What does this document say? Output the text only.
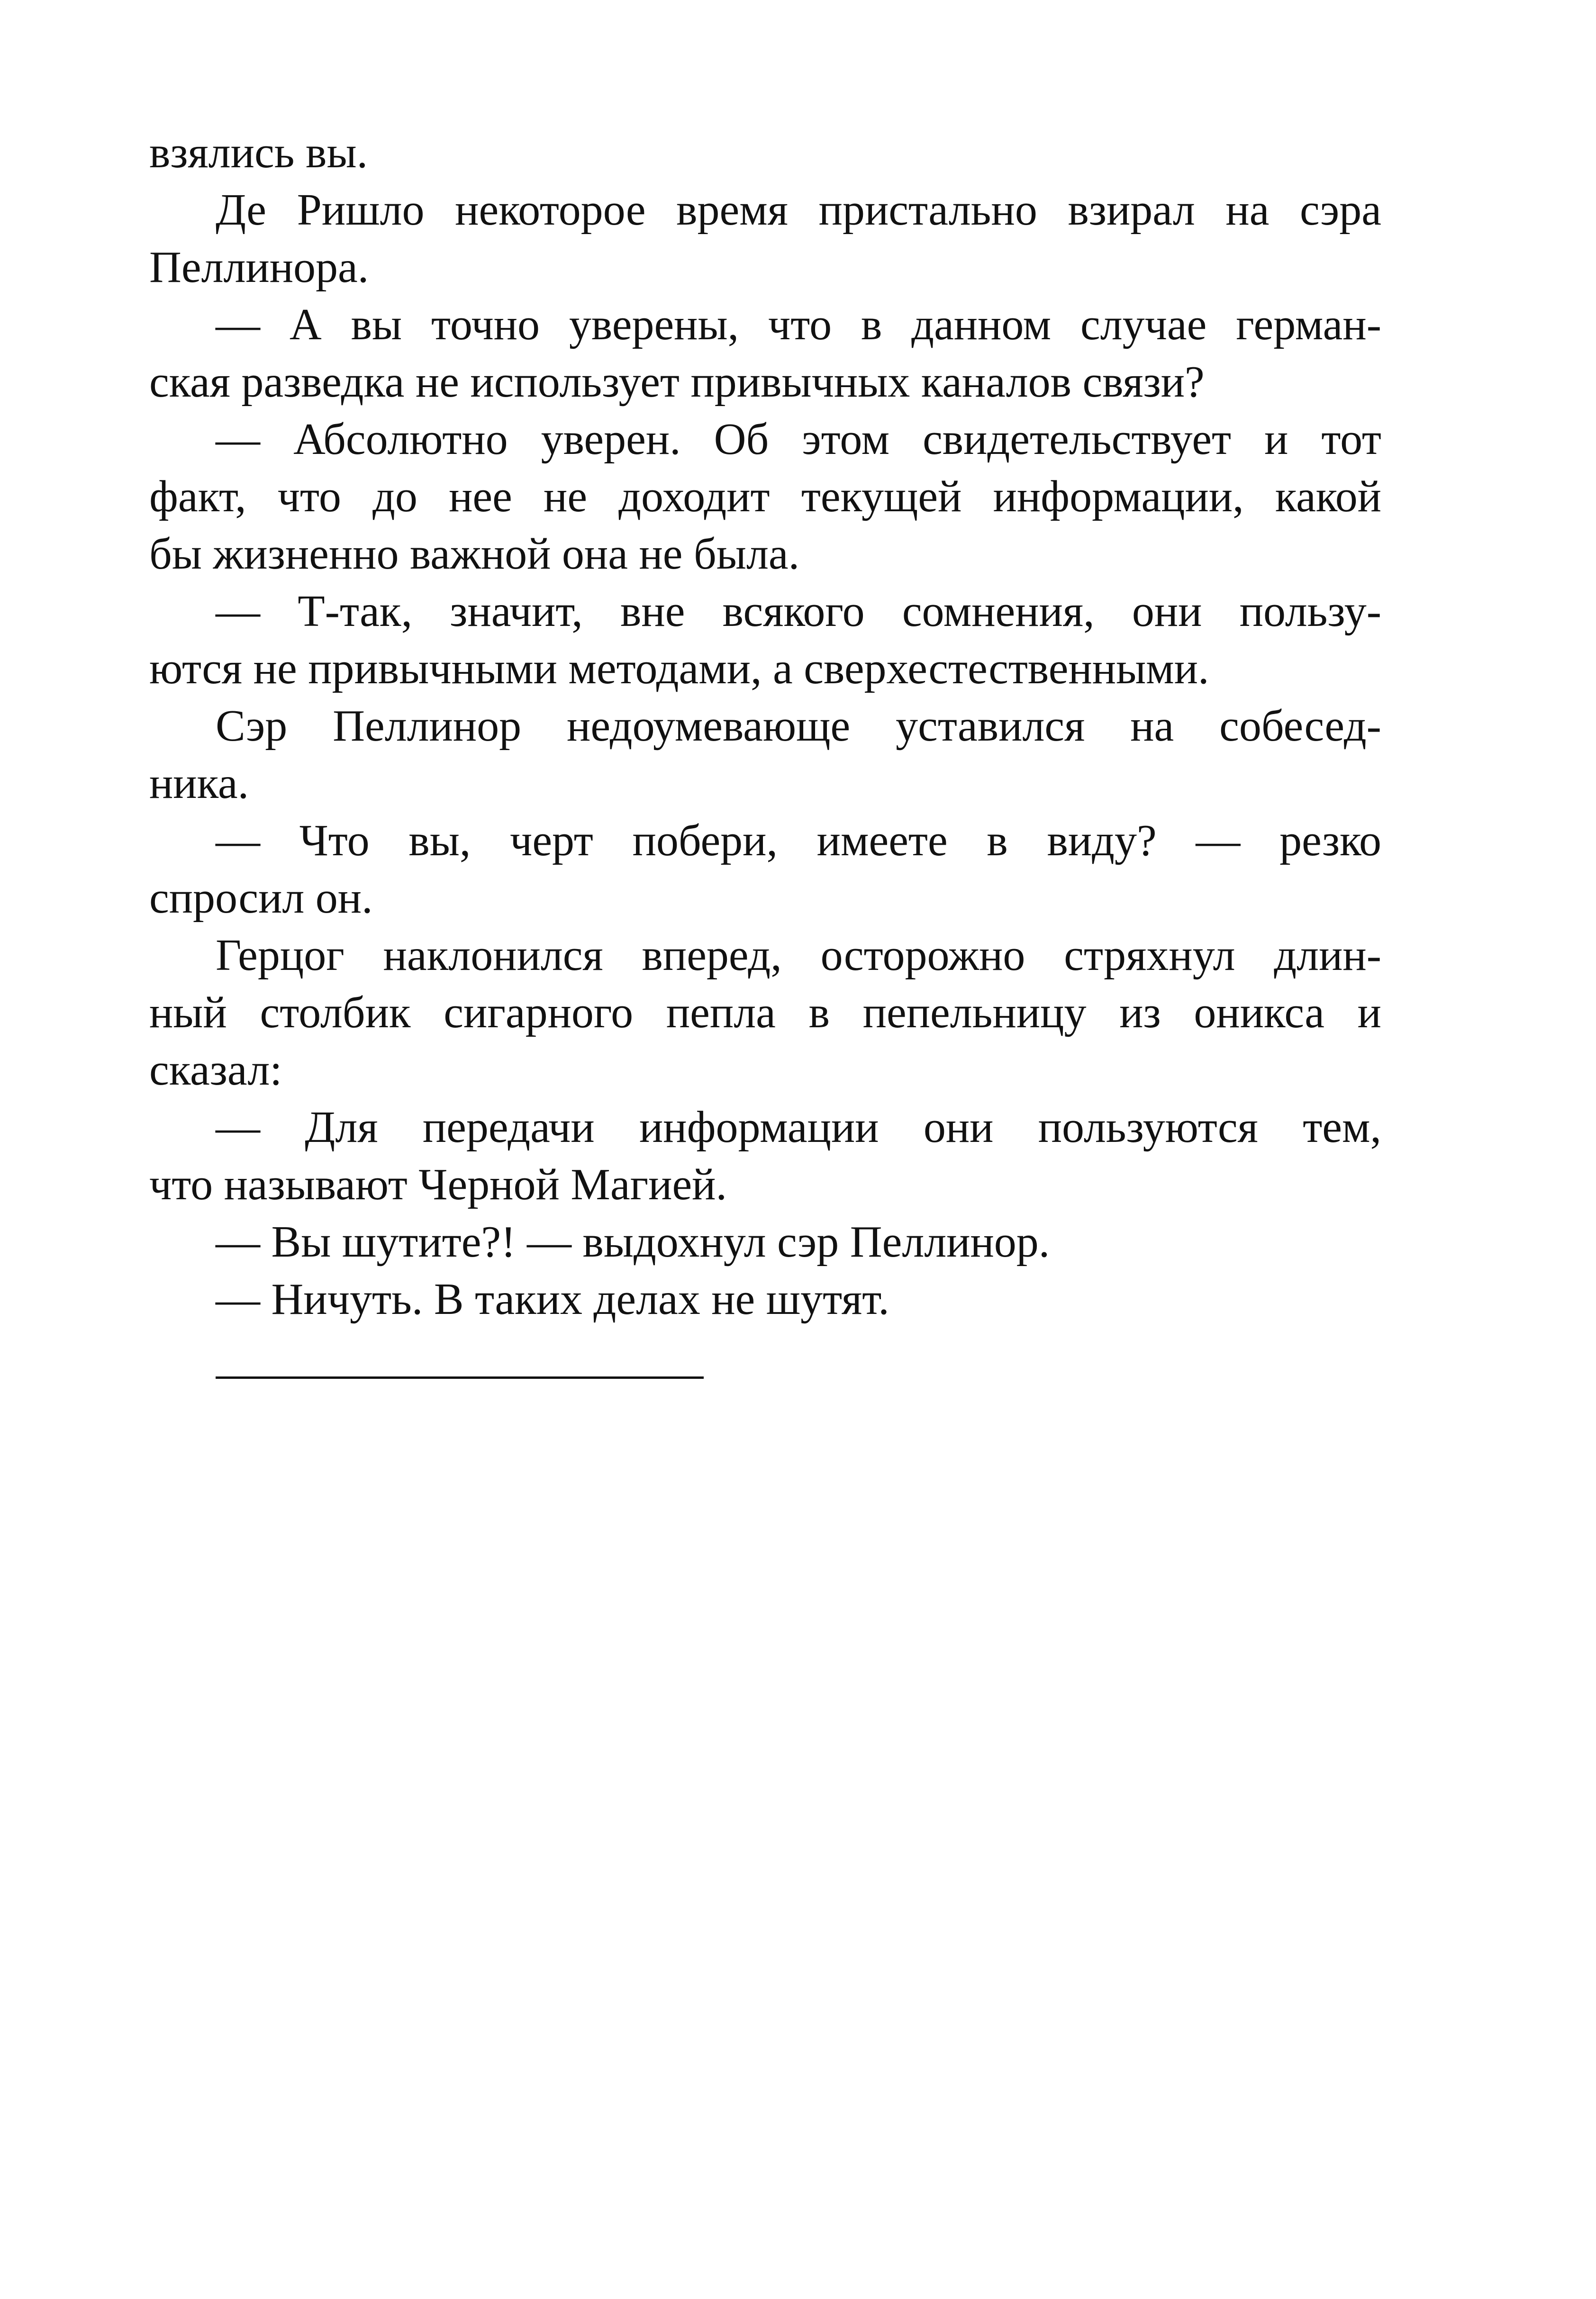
взялись вы.
Де Ришло некоторое время пристально взирал на сэра
Пеллинора.
— А вы точно уверены, что в данном случае герман-
ская разведка не использует привычных каналов связи?
— Абсолютно уверен. Об этом свидетельствует и тот
факт, что до нее не доходит текущей информации, какой
бы жизненно важной она не была.
— Т-так, значит, вне всякого сомнения, они пользу-
ются не привычными методами, а сверхестественными.
Сэр Пеллинор недоумевающе уставился на собесед-
ника.
— Что вы, черт побери, имеете в виду? — резко
спросил он.
Герцог наклонился вперед, осторожно стряхнул длин-
ный столбик сигарного пепла в пепельницу из оникса и
сказал:
— Для передачи информации они пользуются тем,
что называют Черной Магией.
— Вы шутите?! — выдохнул сэр Пеллинор.
— Ничуть. В таких делах не шутят.
